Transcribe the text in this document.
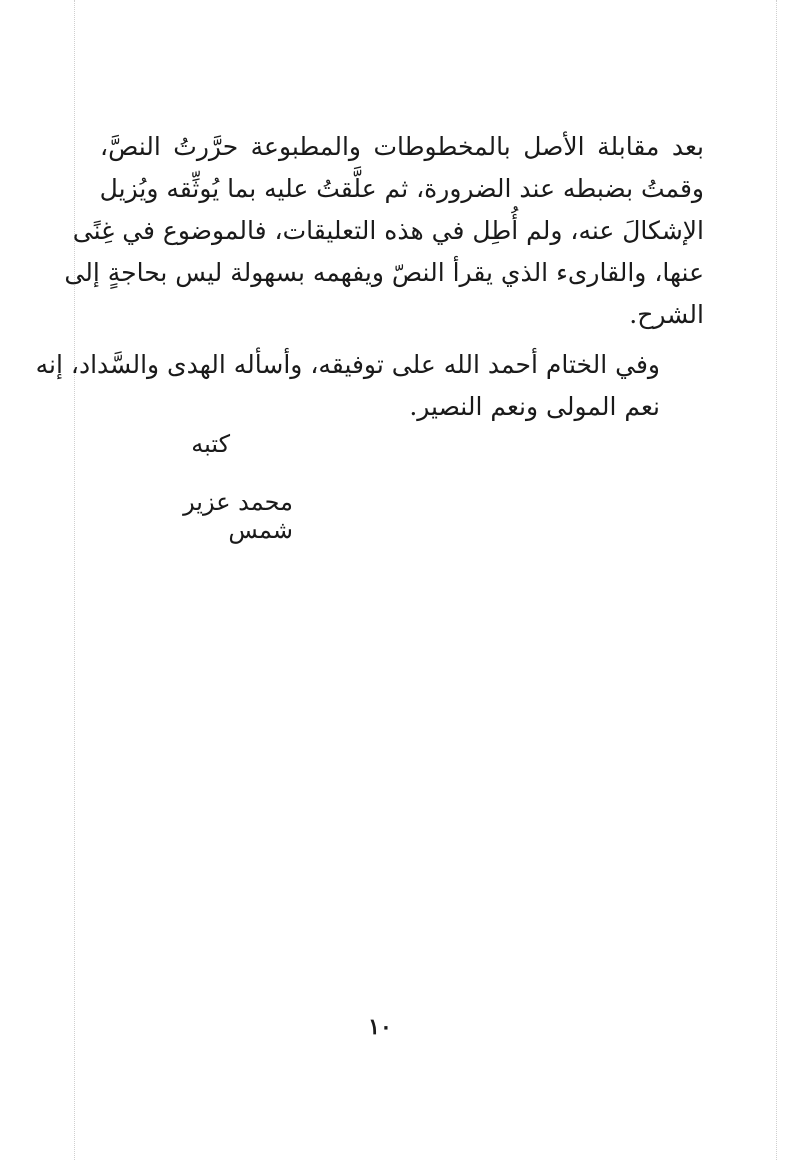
بعد مقابلة الأصل بالمخطوطات والمطبوعة حرَّرتُ النصَّ،
وقمتُ بضبطه عند الضرورة، ثم علَّقتُ عليه بما يُوثِّقه ويُزيل
الإشكالَ عنه، ولم أُطِل في هذه التعليقات، فالموضوع في غِنًى
عنها، والقارىء الذي يقرأ النصّ ويفهمه بسهولة ليس بحاجةٍ إلى
الشرح.
وفي الختام أحمد الله على توفيقه، وأسأله الهدى والسَّداد، إنه
نعم المولى ونعم النصير.
كتبه
محمد عزير شمس
١٠
